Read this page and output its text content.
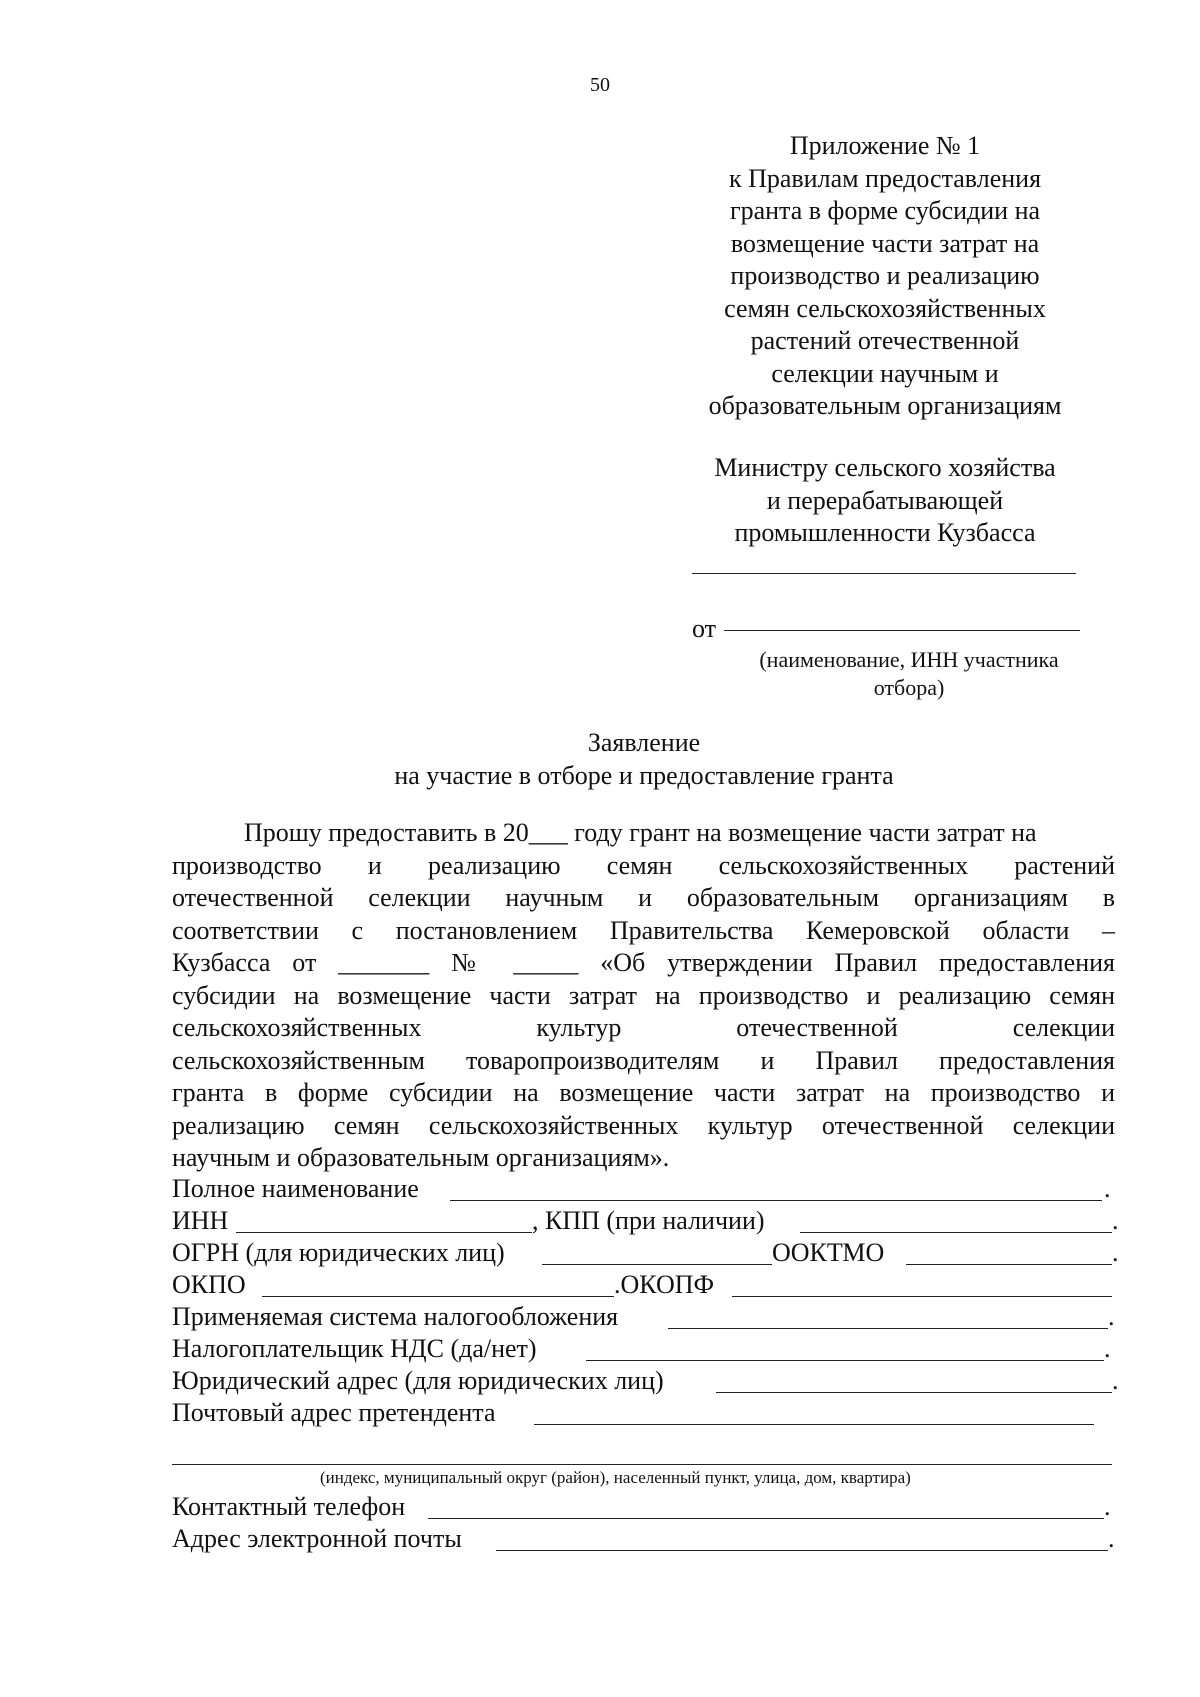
50
Приложение № 1
к Правилам предоставления
гранта в форме субсидии на
возмещение части затрат на
производство и реализацию
семян сельскохозяйственных
растений отечественной
селекции научным и
образовательным организациям
Министру сельского хозяйства
и перерабатывающей
промышленности Кузбасса
от
(наименование, ИНН участника отбора)
Заявление
на участие в отборе и предоставление гранта

Прошу предоставить в 20___ году грант на возмещение части затрат на

производство и реализацию семян сельскохозяйственных растений

отечественной селекции научным и образовательным организациям в

соответствии с постановлением Правительства Кемеровской области –

Кузбасса от _______ № _____ «Об утверждении Правил предоставления

субсидии на возмещение части затрат на производство и реализацию семян

сельскохозяйственных культур отечественной селекции

сельскохозяйственным товаропроизводителям и Правил предоставления

гранта в форме субсидии на возмещение части затрат на производство и

реализацию семян сельскохозяйственных культур отечественной селекции

научным и образовательным организациям».

Полное наименование	.
ИНН	, КПП (при наличии)	.
ОГРН (для юридических лиц)	ООКТМО	.
ОКПО	.ОКОПФ
Применяемая система налогообложения	.
Налогоплательщик НДС (да/нет)	.
Юридический адрес (для юридических лиц)	.
Почтовый адрес претендента
(индекс, муниципальный округ (район), населенный пункт, улица, дом, квартира)
Контактный телефон	.
Адрес электронной почты	.
